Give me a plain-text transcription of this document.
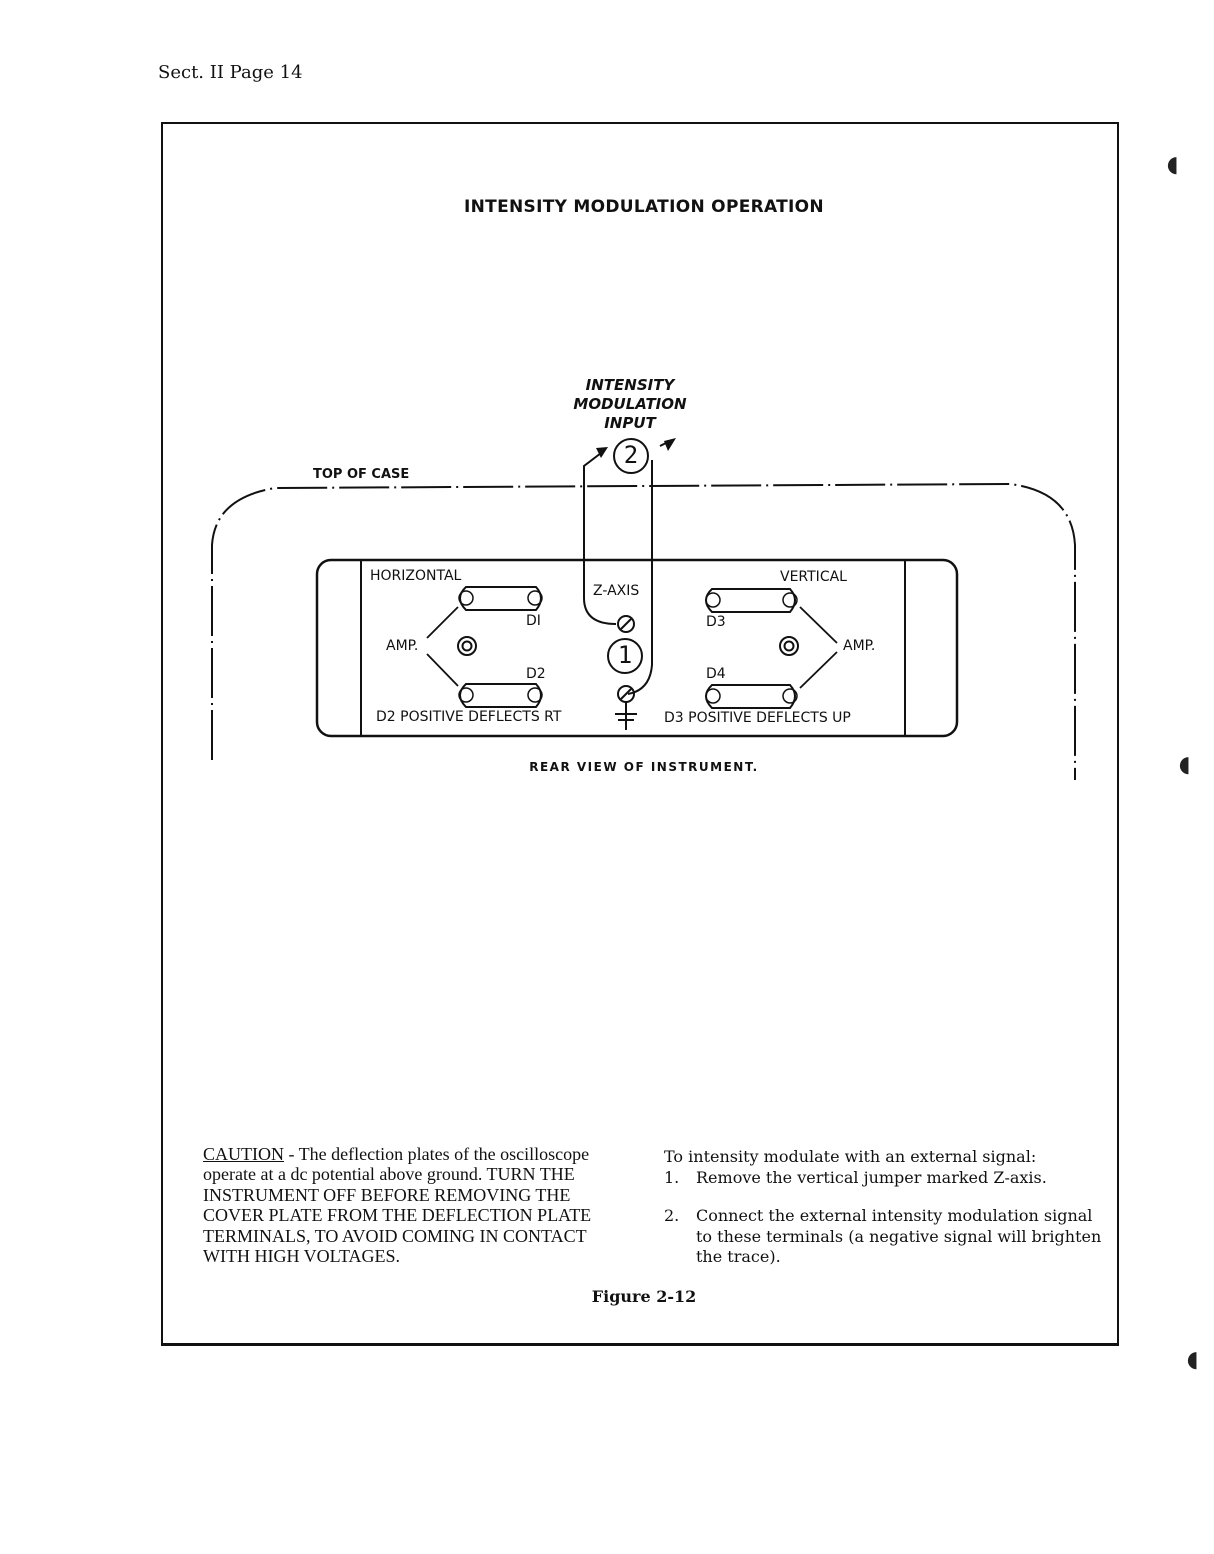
Sect. II Page 14
INTENSITY MODULATION OPERATION
INTENSITY
MODULATION
INPUT
2
1
TOP OF CASE
HORIZONTAL	VERTICAL
Z-AXIS
AMP.	AMP.
DI
D2
D3
D4
D2 POSITIVE DEFLECTS RT	D3 POSITIVE DEFLECTS UP
REAR VIEW OF INSTRUMENT.
CAUTION - The deflection plates of the oscilloscope operate at a dc potential above ground. TURN THE INSTRUMENT OFF BEFORE REMOVING THE COVER PLATE FROM THE DEFLECTION PLATE TERMINALS, TO AVOID COMING IN CONTACT WITH HIGH VOLTAGES.
To intensity modulate with an external signal:
1.	Remove the vertical jumper marked Z-axis.
2.	Connect the external intensity modulation signal to these terminals (a negative signal will brighten the trace).
Figure 2-12
◖
◖
◖
